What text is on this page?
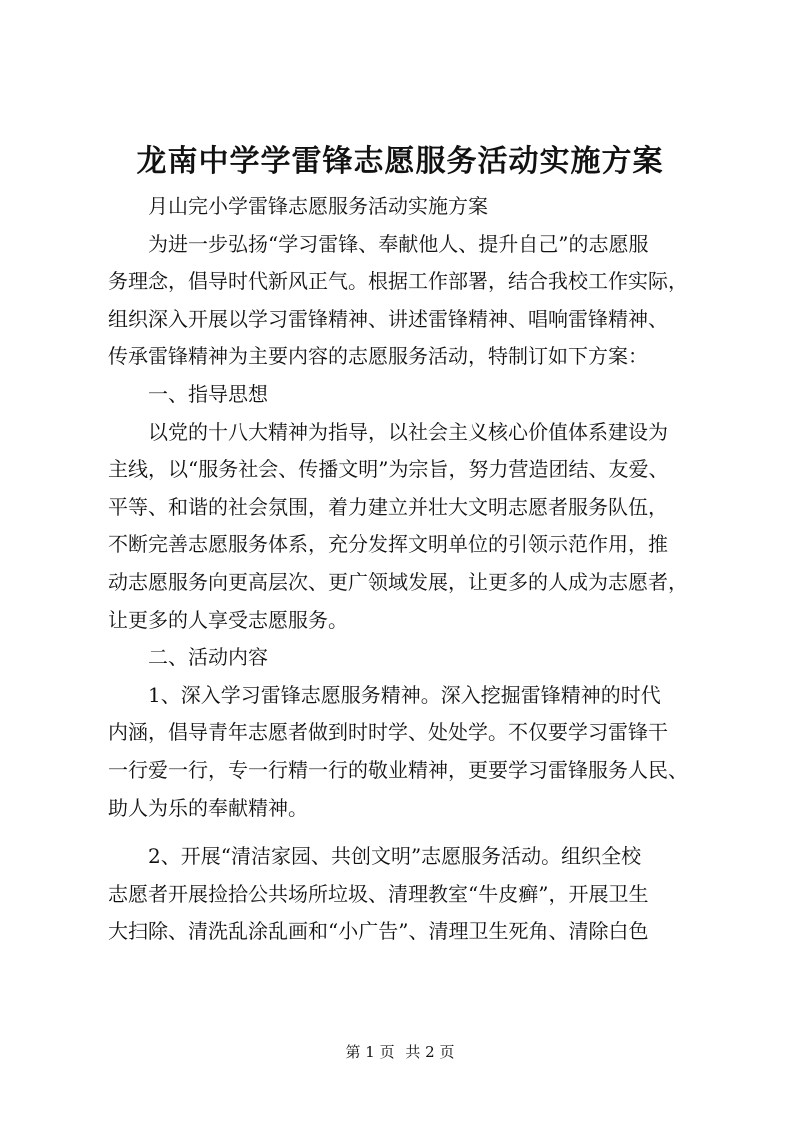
龙南中学学雷锋志愿服务活动实施方案
月山完小学雷锋志愿服务活动实施方案
为进一步弘扬“学习雷锋、奉献他人、提升自己”的志愿服
务理念，倡导时代新风正气。根据工作部署，结合我校工作实际，
组织深入开展以学习雷锋精神、讲述雷锋精神、唱响雷锋精神、
传承雷锋精神为主要内容的志愿服务活动，特制订如下方案：
一、指导思想
以党的十八大精神为指导，以社会主义核心价值体系建设为
主线，以“服务社会、传播文明”为宗旨，努力营造团结、友爱、
平等、和谐的社会氛围，着力建立并壮大文明志愿者服务队伍，
不断完善志愿服务体系，充分发挥文明单位的引领示范作用，推
动志愿服务向更高层次、更广领域发展，让更多的人成为志愿者，
让更多的人享受志愿服务。
二、活动内容
1、深入学习雷锋志愿服务精神。深入挖掘雷锋精神的时代
内涵，倡导青年志愿者做到时时学、处处学。不仅要学习雷锋干
一行爱一行，专一行精一行的敬业精神，更要学习雷锋服务人民、
助人为乐的奉献精神。
2、开展“清洁家园、共创文明”志愿服务活动。组织全校
志愿者开展捡拾公共场所垃圾、清理教室“牛皮癣”，开展卫生
大扫除、清洗乱涂乱画和“小广告”、清理卫生死角、清除白色
第 1 页 共 2 页
